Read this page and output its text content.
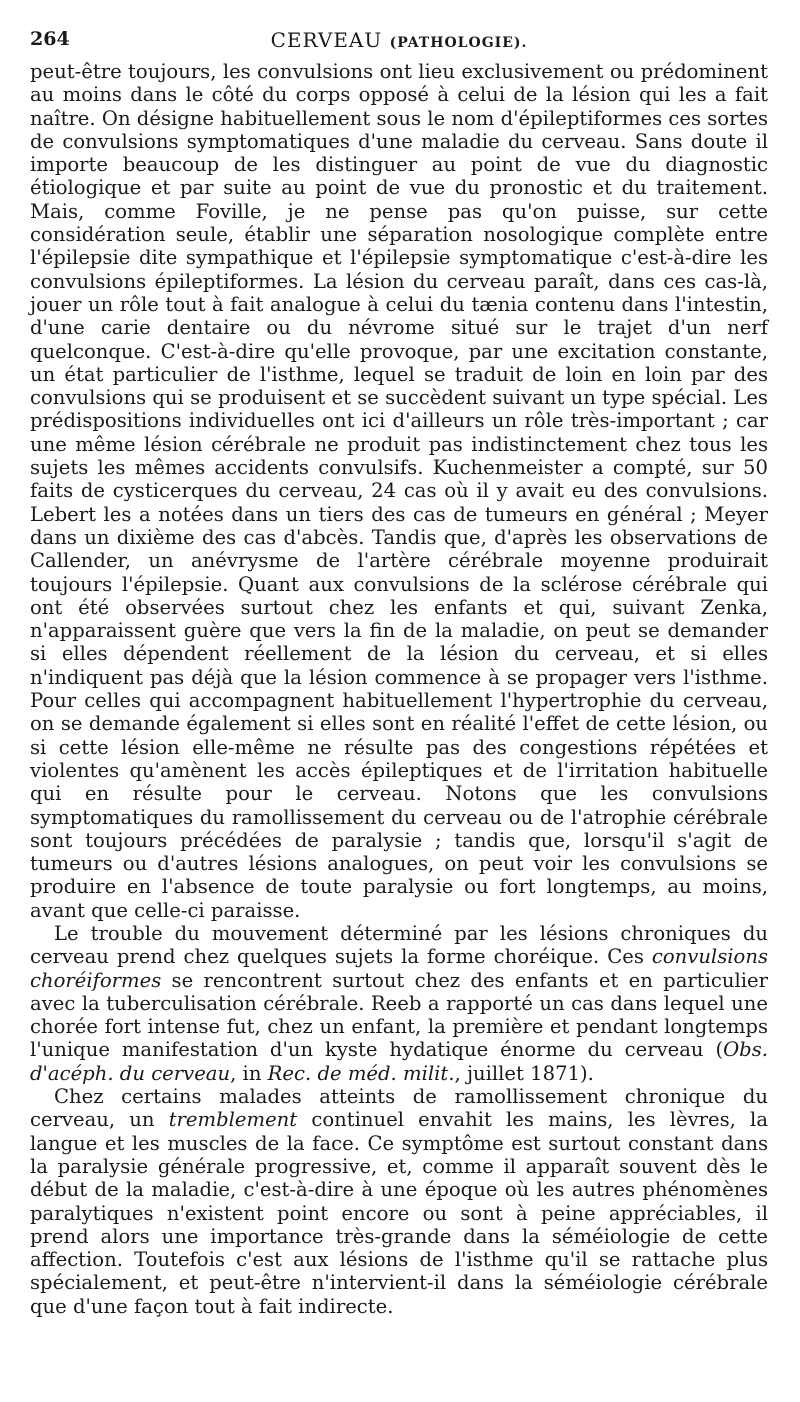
264	CERVEAU (PATHOLOGIE).

peut-être toujours, les convulsions ont lieu exclusivement ou prédominent au moins dans le côté du corps opposé à celui de la lésion qui les a fait naître. On désigne habituellement sous le nom d'épileptiformes ces sortes de convulsions symptomatiques d'une maladie du cerveau. Sans doute il importe beaucoup de les distinguer au point de vue du diagnostic étiologique et par suite au point de vue du pronostic et du traitement. Mais, comme Foville, je ne pense pas qu'on puisse, sur cette considération seule, établir une séparation nosologique complète entre l'épilepsie dite sympathique et l'épilepsie symptomatique c'est-à-dire les convulsions épileptiformes. La lésion du cerveau paraît, dans ces cas-là, jouer un rôle tout à fait analogue à celui du tænia contenu dans l'intestin, d'une carie dentaire ou du névrome situé sur le trajet d'un nerf quelconque. C'est-à-dire qu'elle provoque, par une excitation constante, un état particulier de l'isthme, lequel se traduit de loin en loin par des convulsions qui se produisent et se succèdent suivant un type spécial. Les prédispositions individuelles ont ici d'ailleurs un rôle très-important ; car une même lésion cérébrale ne produit pas indistinctement chez tous les sujets les mêmes accidents convulsifs. Kuchenmeister a compté, sur 50 faits de cysticerques du cerveau, 24 cas où il y avait eu des convulsions. Lebert les a notées dans un tiers des cas de tumeurs en général ; Meyer dans un dixième des cas d'abcès. Tandis que, d'après les observations de Callender, un anévrysme de l'artère cérébrale moyenne produirait toujours l'épilepsie. Quant aux convulsions de la sclérose cérébrale qui ont été observées surtout chez les enfants et qui, suivant Zenka, n'apparaissent guère que vers la fin de la maladie, on peut se demander si elles dépendent réellement de la lésion du cerveau, et si elles n'indiquent pas déjà que la lésion commence à se propager vers l'isthme. Pour celles qui accompagnent habituellement l'hypertrophie du cerveau, on se demande également si elles sont en réalité l'effet de cette lésion, ou si cette lésion elle-même ne résulte pas des congestions répétées et violentes qu'amènent les accès épileptiques et de l'irritation habituelle qui en résulte pour le cerveau. Notons que les convulsions symptomatiques du ramollissement du cerveau ou de l'atrophie cérébrale sont toujours précédées de paralysie ; tandis que, lorsqu'il s'agit de tumeurs ou d'autres lésions analogues, on peut voir les convulsions se produire en l'absence de toute paralysie ou fort longtemps, au moins, avant que celle-ci paraisse.

Le trouble du mouvement déterminé par les lésions chroniques du cerveau prend chez quelques sujets la forme choréique. Ces convulsions choréiformes se rencontrent surtout chez des enfants et en particulier avec la tuberculisation cérébrale. Reeb a rapporté un cas dans lequel une chorée fort intense fut, chez un enfant, la première et pendant longtemps l'unique manifestation d'un kyste hydatique énorme du cerveau (Obs. d'acéph. du cerveau, in Rec. de méd. milit., juillet 1871).

Chez certains malades atteints de ramollissement chronique du cerveau, un tremblement continuel envahit les mains, les lèvres, la langue et les muscles de la face. Ce symptôme est surtout constant dans la paralysie générale progressive, et, comme il apparaît souvent dès le début de la maladie, c'est-à-dire à une époque où les autres phénomènes paralytiques n'existent point encore ou sont à peine appréciables, il prend alors une importance très-grande dans la séméiologie de cette affection. Toutefois c'est aux lésions de l'isthme qu'il se rattache plus spécialement, et peut-être n'intervient-il dans la séméiologie cérébrale que d'une façon tout à fait indirecte.
